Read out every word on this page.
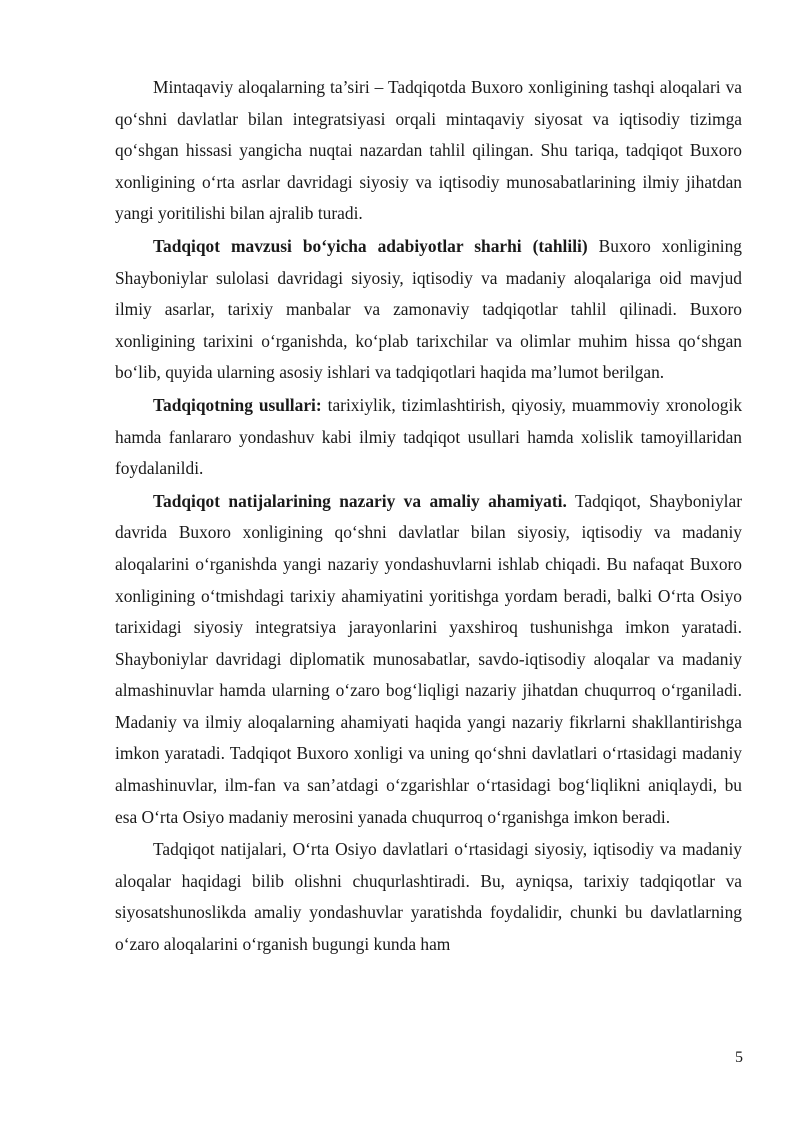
Mintaqaviy aloqalarning ta’siri – Tadqiqotda Buxoro xonligining tashqi aloqalari va qo‘shni davlatlar bilan integratsiyasi orqali mintaqaviy siyosat va iqtisodiy tizimga qo‘shgan hissasi yangicha nuqtai nazardan tahlil qilingan. Shu tariqa, tadqiqot Buxoro xonligining o‘rta asrlar davridagi siyosiy va iqtisodiy munosabatlarining ilmiy jihatdan yangi yoritilishi bilan ajralib turadi.

Tadqiqot mavzusi bo‘yicha adabiyotlar sharhi (tahlili) Buxoro xonligining Shayboniylar sulolasi davridagi siyosiy, iqtisodiy va madaniy aloqalariga oid mavjud ilmiy asarlar, tarixiy manbalar va zamonaviy tadqiqotlar tahlil qilinadi. Buxoro xonligining tarixini o‘rganishda, ko‘plab tarixchilar va olimlar muhim hissa qo‘shgan bo‘lib, quyida ularning asosiy ishlari va tadqiqotlari haqida ma’lumot berilgan.

Tadqiqotning usullari: tarixiylik, tizimlashtirish, qiyosiy, muammoviy xronologik hamda fanlararo yondashuv kabi ilmiy tadqiqot usullari hamda xolislik tamoyillaridan foydalanildi.

Tadqiqot natijalarining nazariy va amaliy ahamiyati. Tadqiqot, Shayboniylar davrida Buxoro xonligining qo‘shni davlatlar bilan siyosiy, iqtisodiy va madaniy aloqalarini o‘rganishda yangi nazariy yondashuvlarni ishlab chiqadi. Bu nafaqat Buxoro xonligining o‘tmishdagi tarixiy ahamiyatini yoritishga yordam beradi, balki O‘rta Osiyo tarixidagi siyosiy integratsiya jarayonlarini yaxshiroq tushunishga imkon yaratadi. Shayboniylar davridagi diplomatik munosabatlar, savdo-iqtisodiy aloqalar va madaniy almashinuvlar hamda ularning o‘zaro bog‘liqligi nazariy jihatdan chuqurroq o‘rganiladi. Madaniy va ilmiy aloqalarning ahamiyati haqida yangi nazariy fikrlarni shakllantirishga imkon yaratadi. Tadqiqot Buxoro xonligi va uning qo‘shni davlatlari o‘rtasidagi madaniy almashinuvlar, ilm-fan va san’atdagi o‘zgarishlar o‘rtasidagi bog‘liqlikni aniqlaydi, bu esa O‘rta Osiyo madaniy merosini yanada chuqurroq o‘rganishga imkon beradi.

Tadqiqot natijalari, O‘rta Osiyo davlatlari o‘rtasidagi siyosiy, iqtisodiy va madaniy aloqalar haqidagi bilib olishni chuqurlashtiradi. Bu, ayniqsa, tarixiy tadqiqotlar va siyosatshunoslikda amaliy yondashuvlar yaratishda foydalidir, chunki bu davlatlarning o‘zaro aloqalarini o‘rganish bugungi kunda ham

5
